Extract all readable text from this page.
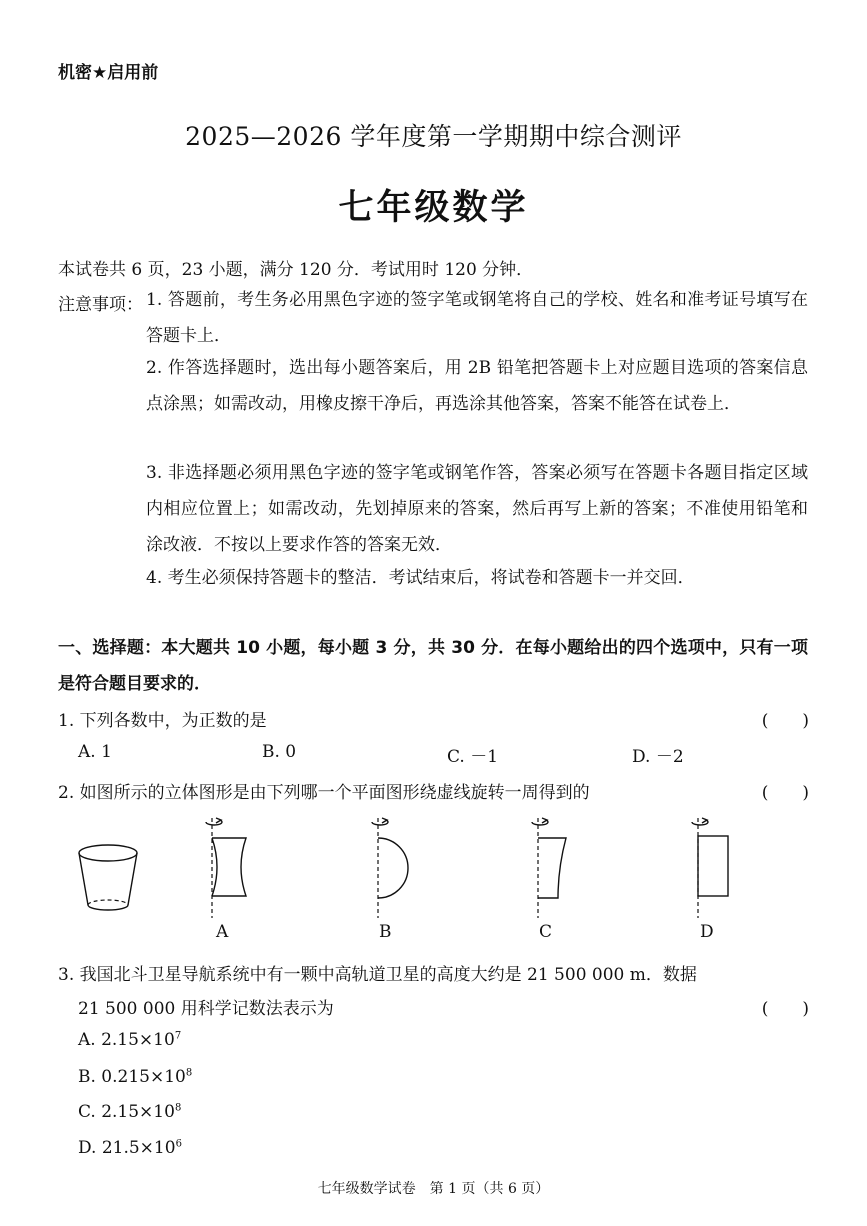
机密★启用前
2025—2026 学年度第一学期期中综合测评
七年级数学
本试卷共 6 页，23 小题，满分 120 分．考试用时 120 分钟．
注意事项： 1. 答题前，考生务必用黑色字迹的签字笔或钢笔将自己的学校、姓名和准考证号填写在答题卡上．
2. 作答选择题时，选出每小题答案后，用 2B 铅笔把答题卡上对应题目选项的答案信息点涂黑；如需改动，用橡皮擦干净后，再选涂其他答案，答案不能答在试卷上．
3. 非选择题必须用黑色字迹的签字笔或钢笔作答，答案必须写在答题卡各题目指定区域内相应位置上；如需改动，先划掉原来的答案，然后再写上新的答案；不准使用铅笔和涂改液．不按以上要求作答的答案无效．
4. 考生必须保持答题卡的整洁．考试结束后，将试卷和答题卡一并交回．
一、选择题：本大题共 10 小题，每小题 3 分，共 30 分．在每小题给出的四个选项中，只有一项是符合题目要求的．
1. 下列各数中，为正数的是	(　　)
A. 1	B. 0	C. －1	D. －2
2. 如图所示的立体图形是由下列哪一个平面图形绕虚线旋转一周得到的	(　　)
A	B	C	D
3. 我国北斗卫星导航系统中有一颗中高轨道卫星的高度大约是 21 500 000 m．数据
21 500 000 用科学记数法表示为	(　　)
A. $2.15\times 10^7$
B. $0.215\times 10^8$
C. $2.15\times 10^8$
D. $21.5\times 10^6$
七年级数学试卷　第 1 页（共 6 页）
